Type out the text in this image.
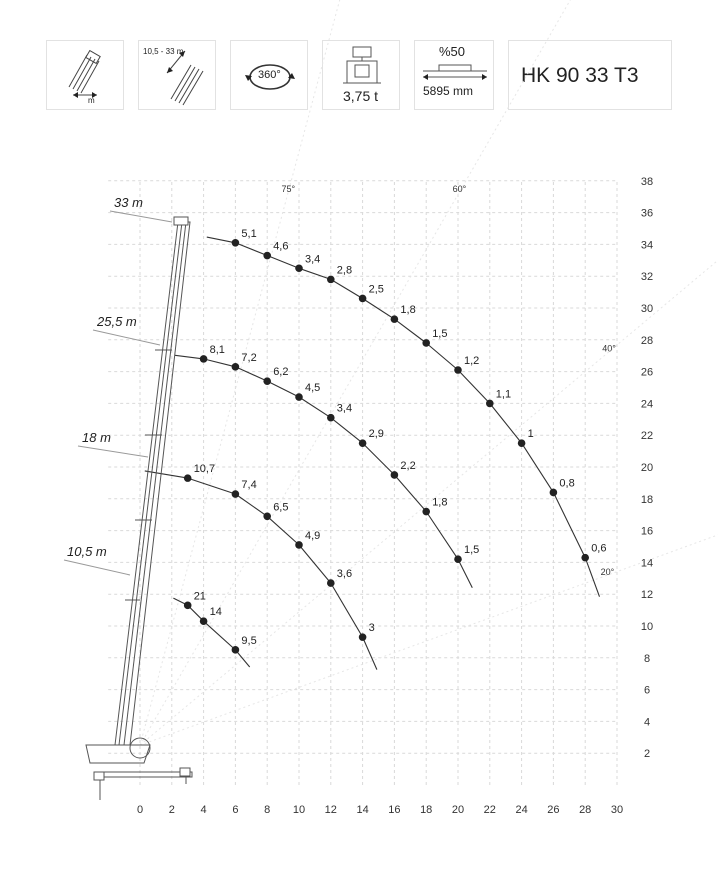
m
10,5 - 33 m
360°
3,75 t
%50
5895 mm
HK 90 33 T3
75°	60°
40°
20°
33 m
25,5 m
18 m
10,5 m
0 2 4 6 8 10 12 14 16 18 20 22 24 26 28 30
2
4
6
8
10
12
14
16
18
20
22
24
26
28
30
32
34
36
38
5,1
4,6
3,4
2,8
2,5
1,8
1,5
1,2
1,1
1
0,8
0,6
8,1
7,2
6,2
4,5
3,4
2,9
2,2
1,8
1,5
10,7
7,4
6,5
4,9
3,6
3
21
14
9,5
